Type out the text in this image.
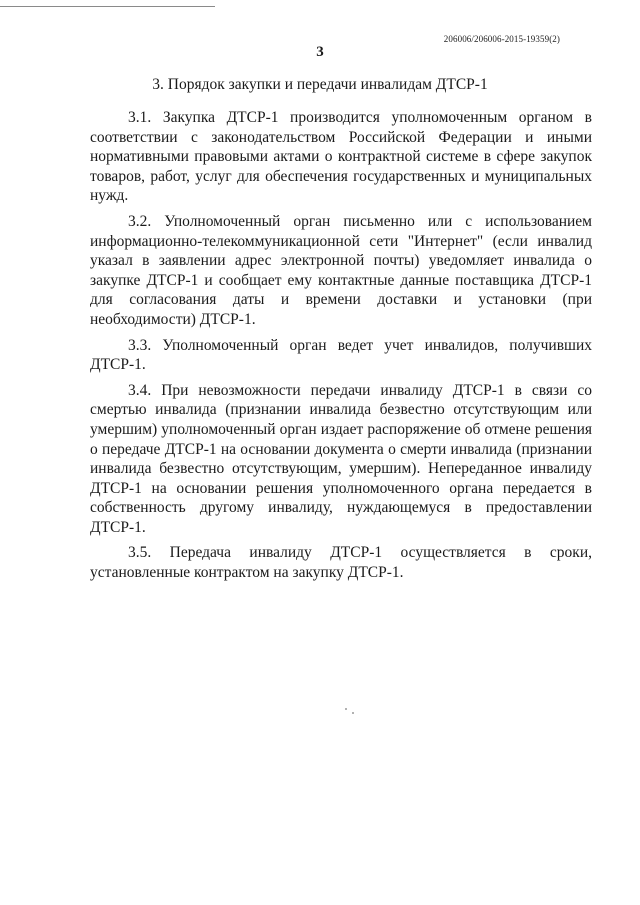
206006/206006-2015-19359(2)
3
3. Порядок закупки и передачи инвалидам ДТСР-1

3.1. Закупка ДТСР-1 производится уполномоченным органом в соответствии с законодательством Российской Федерации и иными нормативными правовыми актами о контрактной системе в сфере закупок товаров, работ, услуг для обеспечения государственных и муниципальных нужд.

3.2. Уполномоченный орган письменно или с использованием информационно-телекоммуникационной сети "Интернет" (если инвалид указал в заявлении адрес электронной почты) уведомляет инвалида о закупке ДТСР-1 и сообщает ему контактные данные поставщика ДТСР-1 для согласования даты и времени доставки и установки (при необходимости) ДТСР-1.

3.3. Уполномоченный орган ведет учет инвалидов, получивших ДТСР-1.

3.4. При невозможности передачи инвалиду ДТСР-1 в связи со смертью инвалида (признании инвалида безвестно отсутствующим или умершим) уполномоченный орган издает распоряжение об отмене решения о передаче ДТСР-1 на основании документа о смерти инвалида (признании инвалида безвестно отсутствующим, умершим). Непереданное инвалиду ДТСР-1 на основании решения уполномоченного органа передается в собственность другому инвалиду, нуждающемуся в предоставлении ДТСР-1.

3.5. Передача инвалиду ДТСР-1 осуществляется в сроки, установленные контрактом на закупку ДТСР-1.
